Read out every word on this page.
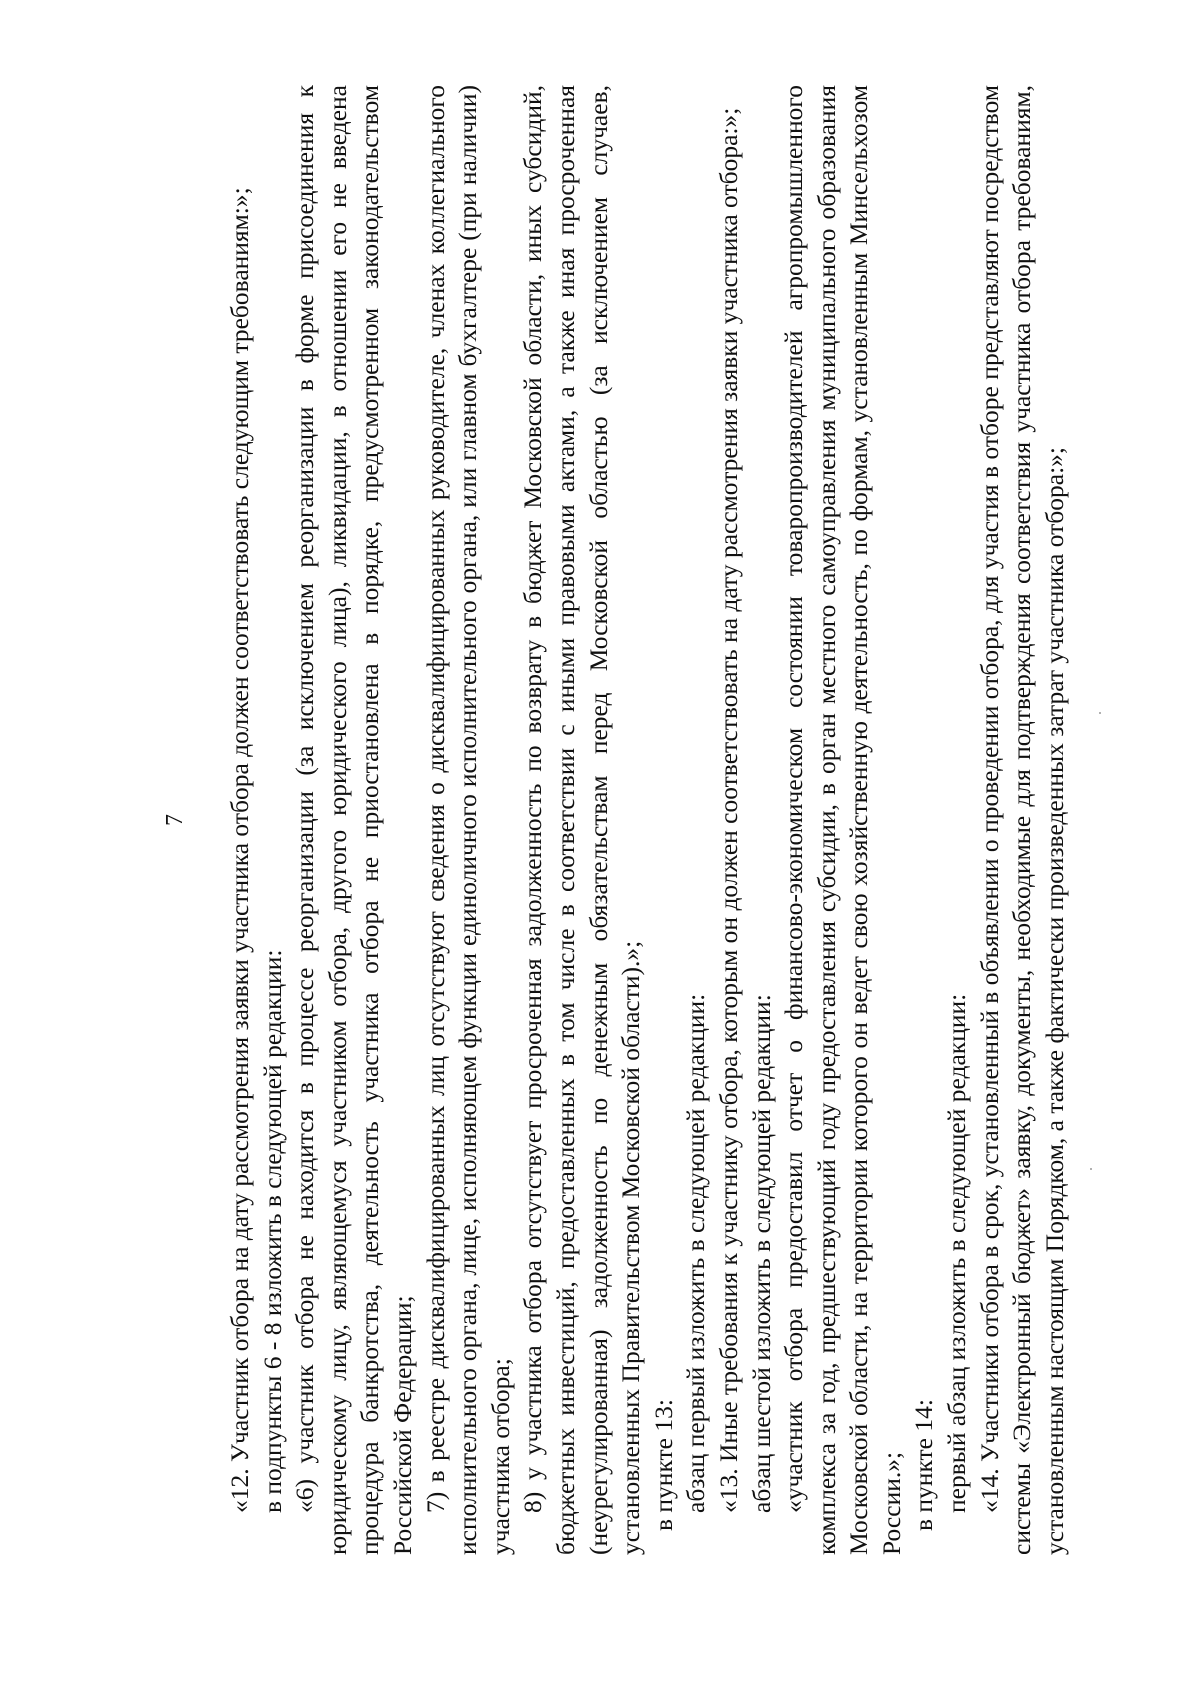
7 «12. Участник отбора на дату рассмотрения заявки участника отбора должен соответствовать следующим требованиям:»; в подпункты 6 - 8 изложить в следующей редакции: «6) участник отбора не находится в процессе реорганизации (за исключением реорганизации в форме присоединения к юридическому лицу, являющемуся участником отбора, другого юридического лица), ликвидации, в отношении его не введена процедура банкротства, деятельность участника отбора не приостановлена в порядке, предусмотренном законодательством Российской Федерации; 7) в реестре дисквалифицированных лиц отсутствуют сведения о дисквалифицированных руководителе, членах коллегиального исполнительного органа, лице, исполняющем функции единоличного исполнительного органа, или главном бухгалтере (при наличии) участника отбора; 8) у участника отбора отсутствует просроченная задолженность по возврату в бюджет Московской области, иных субсидий, бюджетных инвестиций, предоставленных в том числе в соответствии с иными правовыми актами, а также иная просроченная (неурегулированная) задолженность по денежным обязательствам перед Московской областью (за исключением случаев, установленных Правительством Московской области).»; в пункте 13: абзац первый изложить в следующей редакции: «13. Иные требования к участнику отбора, которым он должен соответствовать на дату рассмотрения заявки участника отбора:»; абзац шестой изложить в следующей редакции: «участник отбора предоставил отчет о финансово-экономическом состоянии товаропроизводителей агропромышленного комплекса за год, предшествующий году предоставления субсидии, в орган местного самоуправления муниципального образования Московской области, на территории которого он ведет свою хозяйственную деятельность, по формам, установленным Минсельхозом России.»; в пункте 14: первый абзац изложить в следующей редакции: «14. Участники отбора в срок, установленный в объявлении о проведении отбора, для участия в отборе представляют посредством системы «Электронный бюджет» заявку, документы, необходимые для подтверждения соответствия участника отбора требованиям, установленным настоящим Порядком, а также фактически произведенных затрат участника отбора:»;
